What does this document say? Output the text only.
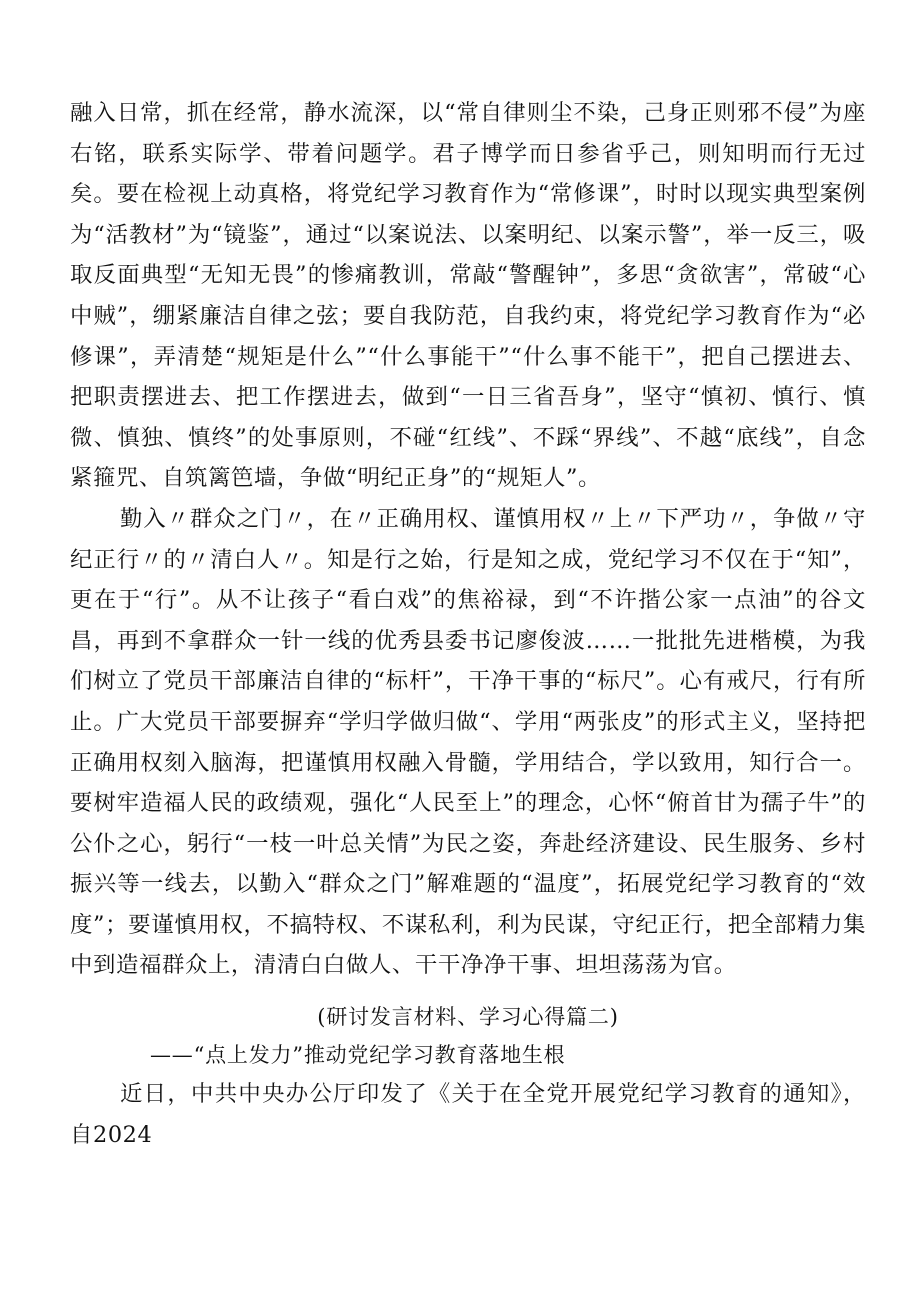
融入日常，抓在经常，静水流深，以“常自律则尘不染，己身正则邪不侵”为座右铭，联系实际学、带着问题学。君子博学而日参省乎己，则知明而行无过矣。要在检视上动真格，将党纪学习教育作为“常修课”，时时以现实典型案例为“活教材”为“镜鉴”，通过“以案说法、以案明纪、以案示警”，举一反三，吸取反面典型“无知无畏”的惨痛教训，常敲“警醒钟”，多思“贪欲害”，常破“心中贼”，绷紧廉洁自律之弦；要自我防范，自我约束，将党纪学习教育作为“必修课”，弄清楚“规矩是什么”“什么事能干”“什么事不能干”，把自己摆进去、把职责摆进去、把工作摆进去，做到“一日三省吾身”，坚守“慎初、慎行、慎微、慎独、慎终”的处事原则，不碰“红线”、不踩“界线”、不越“底线”，自念紧箍咒、自筑篱笆墙，争做“明纪正身”的“规矩人”。

勤入〃群众之门〃，在〃正确用权、谨慎用权〃上〃下严功〃，争做〃守纪正行〃的〃清白人〃。知是行之始，行是知之成，党纪学习不仅在于“知”，更在于“行”。从不让孩子“看白戏”的焦裕禄，到“不许揩公家一点油”的谷文昌，再到不拿群众一针一线的优秀县委书记廖俊波……一批批先进楷模，为我们树立了党员干部廉洁自律的“标杆”，干净干事的“标尺”。心有戒尺，行有所止。广大党员干部要摒弃“学归学做归做“、学用“两张皮”的形式主义，坚持把正确用权刻入脑海，把谨慎用权融入骨髓，学用结合，学以致用，知行合一。要树牢造福人民的政绩观，强化“人民至上”的理念，心怀“俯首甘为孺子牛”的公仆之心，躬行“一枝一叶总关情”为民之姿，奔赴经济建设、民生服务、乡村振兴等一线去，以勤入“群众之门”解难题的“温度”，拓展党纪学习教育的“效度”；要谨慎用权，不搞特权、不谋私利，利为民谋，守纪正行，把全部精力集中到造福群众上，清清白白做人、干干净净干事、坦坦荡荡为官。

(研讨发言材料、学习心得篇二)

——“点上发力”推动党纪学习教育落地生根

近日，中共中央办公厅印发了《关于在全党开展党纪学习教育的通知》，自2024
